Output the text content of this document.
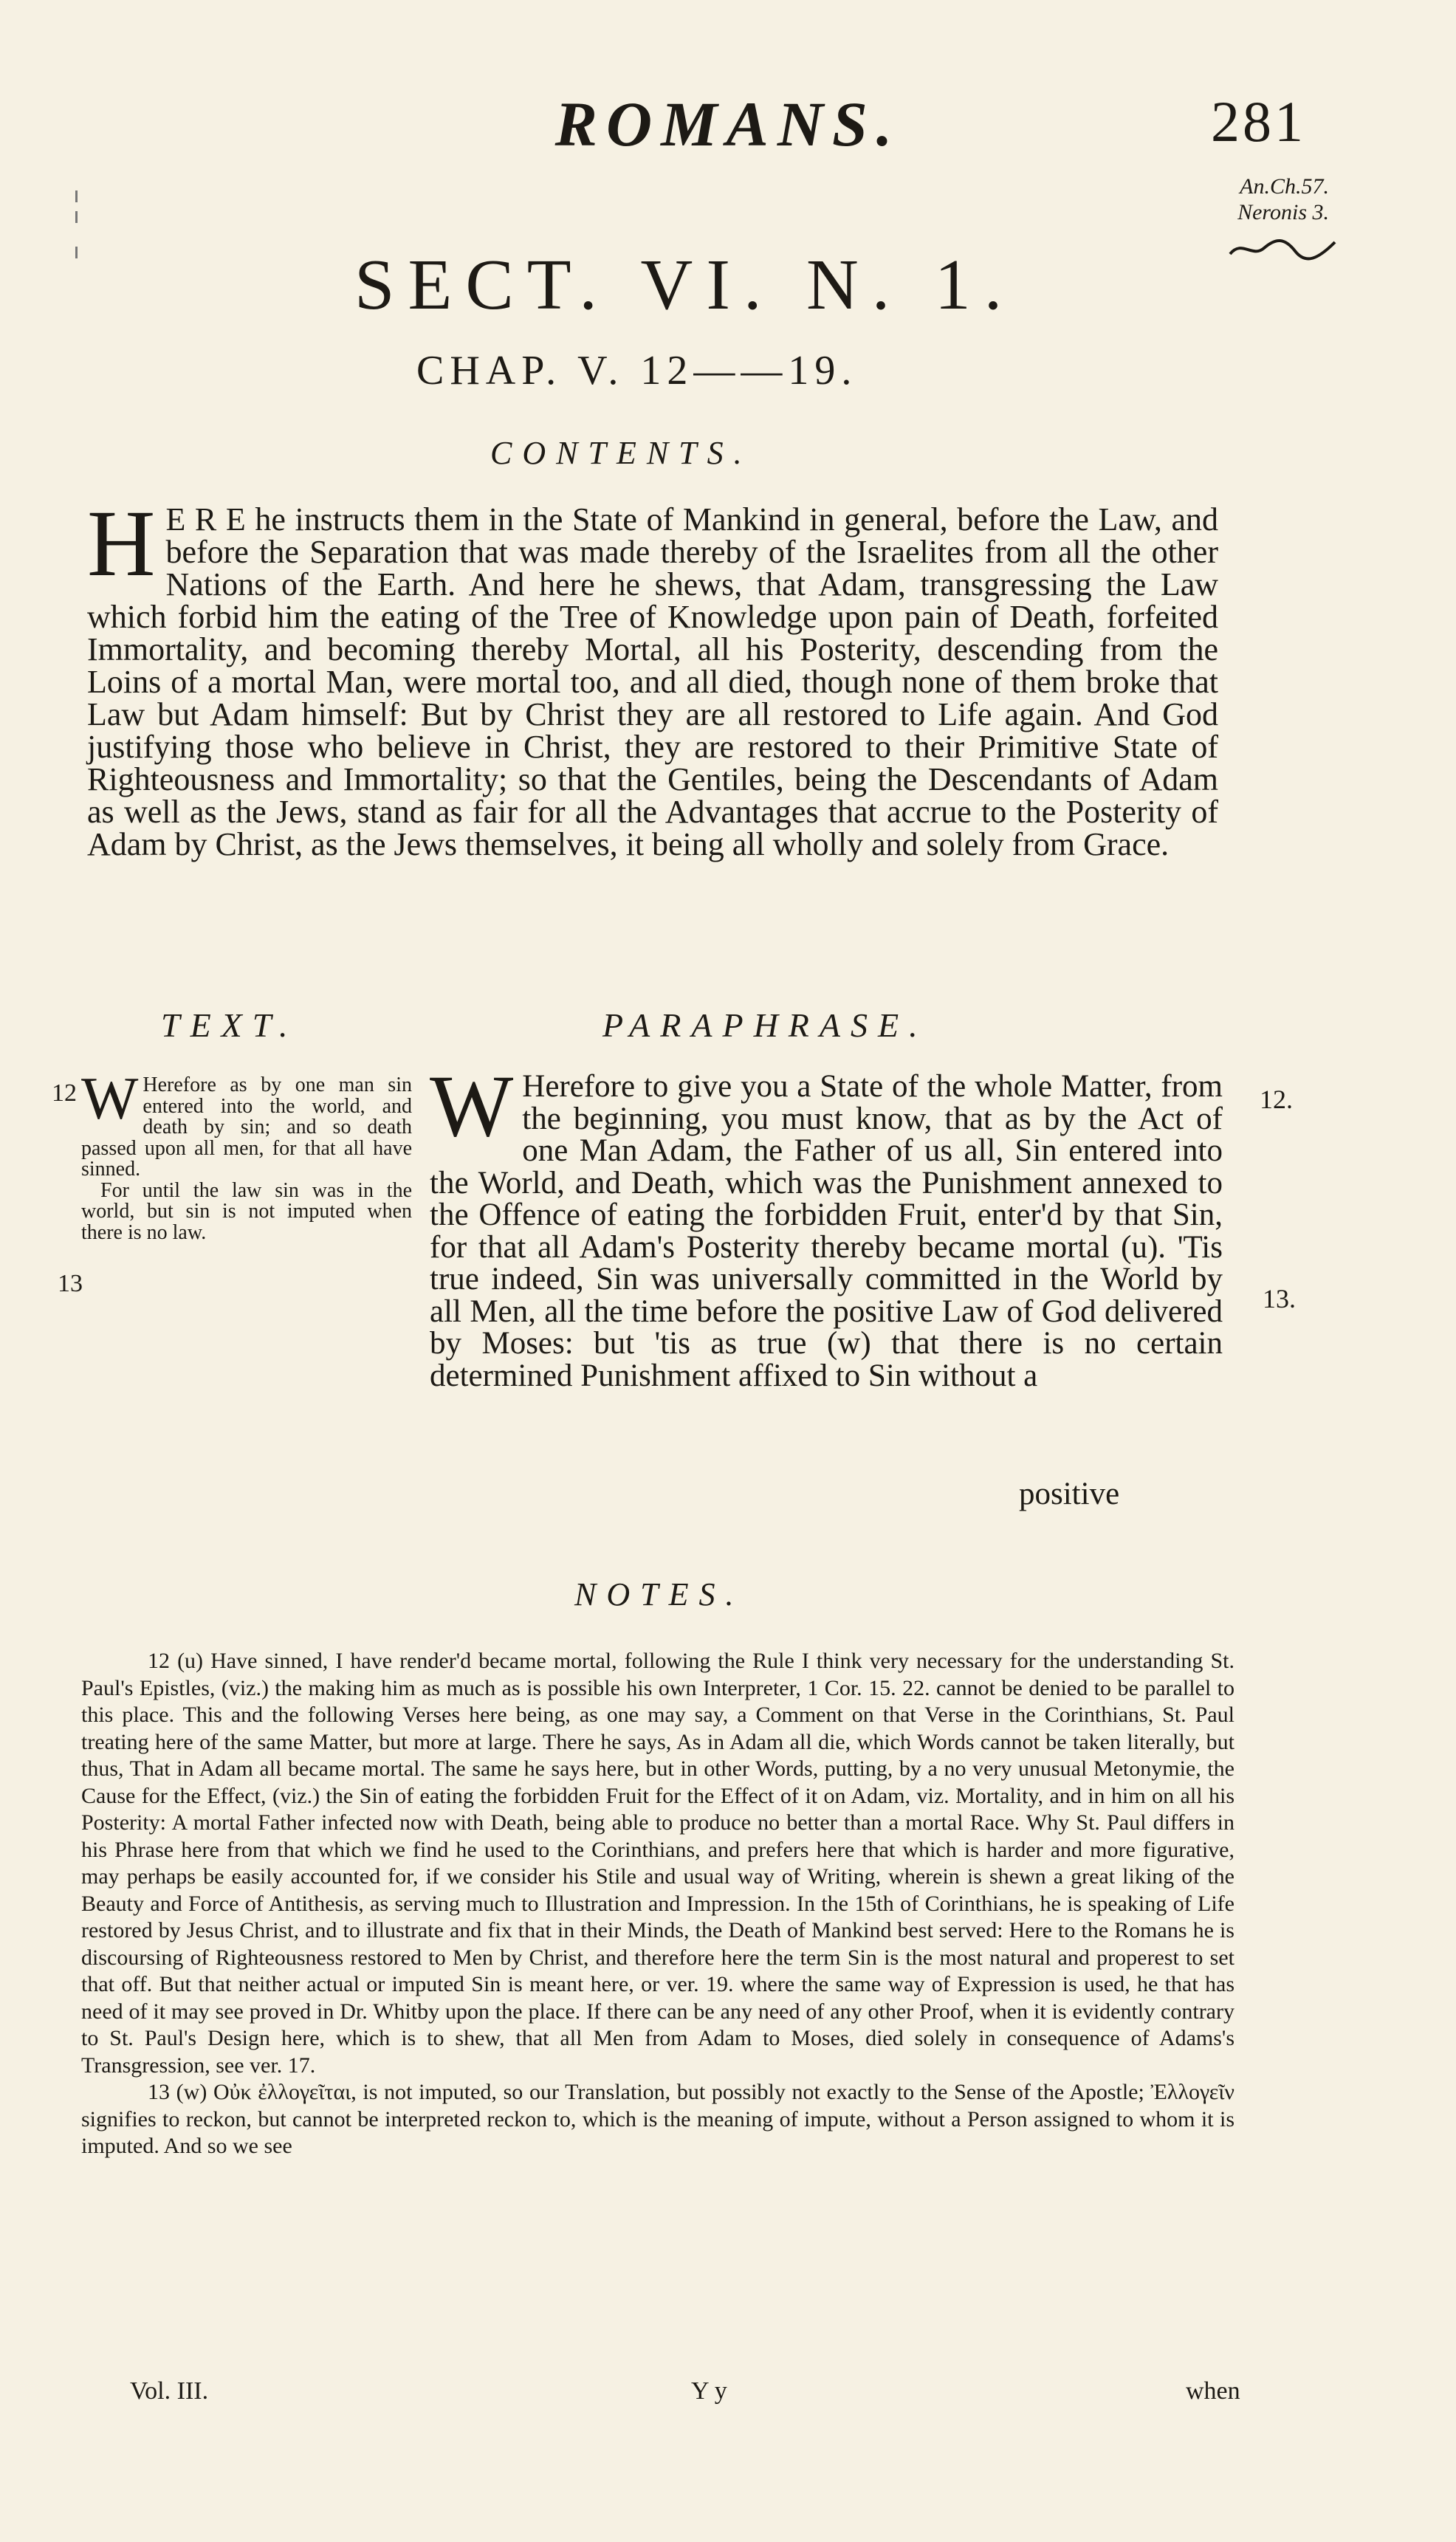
ROMANS.	281
An.Ch.57.
Neronis 3.
SECT. VI. N. 1.
CHAP. V. 12——19.
CONTENTS.

H E R E he instructs them in the State of Mankind in general, before the Law, and before the Separation that was made thereby of the Israelites from all the other Nations of the Earth. And here he shews, that Adam, transgressing the Law which forbid him the eating of the Tree of Knowledge upon pain of Death, forfeited Immortality, and becoming thereby Mortal, all his Posterity, descending from the Loins of a mortal Man, were mortal too, and all died, though none of them broke that Law but Adam himself: But by Christ they are all restored to Life again. And God justifying those who believe in Christ, they are restored to their Primitive State of Righteousness and Immortality; so that the Gentiles, being the Descendants of Adam as well as the Jews, stand as fair for all the Advantages that accrue to the Posterity of Adam by Christ, as the Jews themselves, it being all wholly and solely from Grace.

TEXT.	PARAPHRASE.
12
13

W Herefore as by one man sin entered into the world, and death by sin; and so death passed upon all men, for that all have sinned.

For until the law sin was in the world, but sin is not imputed when there is no law.

W Herefore to give you a State of the whole Matter, from the beginning, you must know, that as by the Act of one Man Adam, the Father of us all, Sin entered into the World, and Death, which was the Punishment annexed to the Offence of eating the forbidden Fruit, enter'd by that Sin, for that all Adam's Posterity thereby became mortal (u). 'Tis true indeed, Sin was universally committed in the World by all Men, all the time before the positive Law of God delivered by Moses: but 'tis as true (w) that there is no certain determined Punishment affixed to Sin without a

positive
12.
13.
NOTES.

12 (u) Have sinned, I have render'd became mortal, following the Rule I think very necessary for the understanding St. Paul's Epistles, (viz.) the making him as much as is possible his own Interpreter, 1 Cor. 15. 22. cannot be denied to be parallel to this place. This and the following Verses here being, as one may say, a Comment on that Verse in the Corinthians, St. Paul treating here of the same Matter, but more at large. There he says, As in Adam all die, which Words cannot be taken literally, but thus, That in Adam all became mortal. The same he says here, but in other Words, putting, by a no very unusual Metonymie, the Cause for the Effect, (viz.) the Sin of eating the forbidden Fruit for the Effect of it on Adam, viz. Mortality, and in him on all his Posterity: A mortal Father infected now with Death, being able to produce no better than a mortal Race. Why St. Paul differs in his Phrase here from that which we find he used to the Corinthians, and prefers here that which is harder and more figurative, may perhaps be easily accounted for, if we consider his Stile and usual way of Writing, wherein is shewn a great liking of the Beauty and Force of Antithesis, as serving much to Illustration and Impression. In the 15th of Corinthians, he is speaking of Life restored by Jesus Christ, and to illustrate and fix that in their Minds, the Death of Mankind best served: Here to the Romans he is discoursing of Righteousness restored to Men by Christ, and therefore here the term Sin is the most natural and properest to set that off. But that neither actual or imputed Sin is meant here, or ver. 19. where the same way of Expression is used, he that has need of it may see proved in Dr. Whitby upon the place. If there can be any need of any other Proof, when it is evidently contrary to St. Paul's Design here, which is to shew, that all Men from Adam to Moses, died solely in consequence of Adams's Transgression, see ver. 17.

13 (w) Οὐκ ἐλλογεῖται, is not imputed, so our Translation, but possibly not exactly to the Sense of the Apostle; Ἐλλογεῖν signifies to reckon, but cannot be interpreted reckon to, which is the meaning of impute, without a Person assigned to whom it is imputed. And so we see

Vol. III.	Y y	when
